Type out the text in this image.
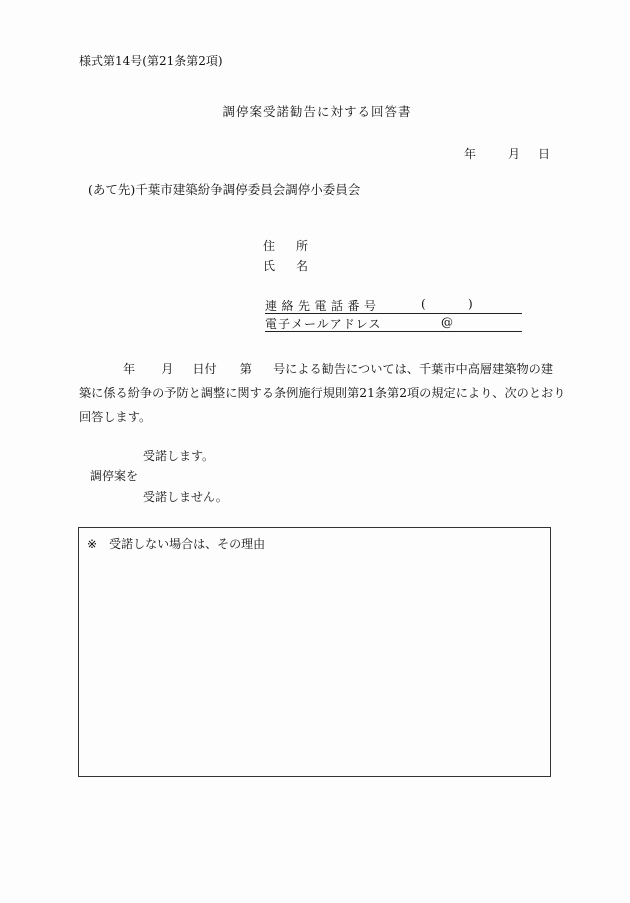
様式第14号(第21条第2項)
調停案受諾勧告に対する回答書
年	月 日
(あて先)千葉市建築紛争調停委員会調停小委員会
住所
氏名
連絡先電話番号	(	)
電子メールアドレス	@
年 月 日付 第 号による勧告については、千葉市中高層建築物の建
築に係る紛争の予防と調整に関する条例施行規則第21条第2項の規定により、次のとおり
回答します。
受諾します。
調停案を
受諾しません。
※ 受諾しない場合は、その理由
